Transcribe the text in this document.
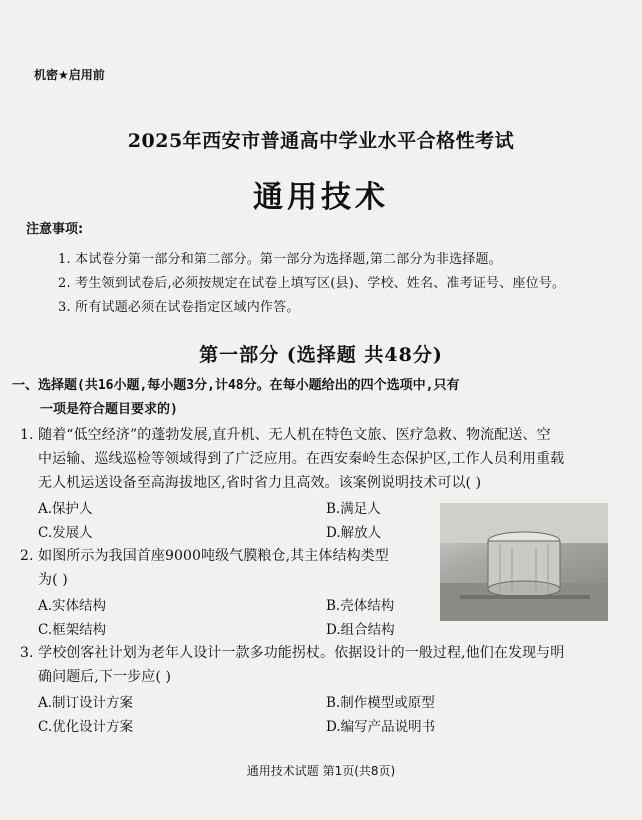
机密★启用前
2025年西安市普通高中学业水平合格性考试
通用技术
注意事项:
1. 本试卷分第一部分和第二部分。第一部分为选择题,第二部分为非选择题。
2. 考生领到试卷后,必须按规定在试卷上填写区(县)、学校、姓名、准考证号、座位号。
3. 所有试题必须在试卷指定区域内作答。
第一部分 (选择题 共48分)
一、选择题(共16小题,每小题3分,计48分。在每小题给出的四个选项中,只有
一项是符合题目要求的)
1. 随着“低空经济”的蓬勃发展,直升机、无人机在特色文旅、医疗急救、物流配送、空
中运输、巡线巡检等领域得到了广泛应用。在西安秦岭生态保护区,工作人员利用重载
无人机运送设备至高海拔地区,省时省力且高效。该案例说明技术可以( )
A.保护人	B.满足人
C.发展人	D.解放人
2. 如图所示为我国首座9000吨级气膜粮仓,其主体结构类型
为( )
A.实体结构	B.壳体结构
C.框架结构	D.组合结构
3. 学校创客社计划为老年人设计一款多功能拐杖。依据设计的一般过程,他们在发现与明
确问题后,下一步应( )
A.制订设计方案	B.制作模型或原型
C.优化设计方案	D.编写产品说明书
通用技术试题 第1页(共8页)
